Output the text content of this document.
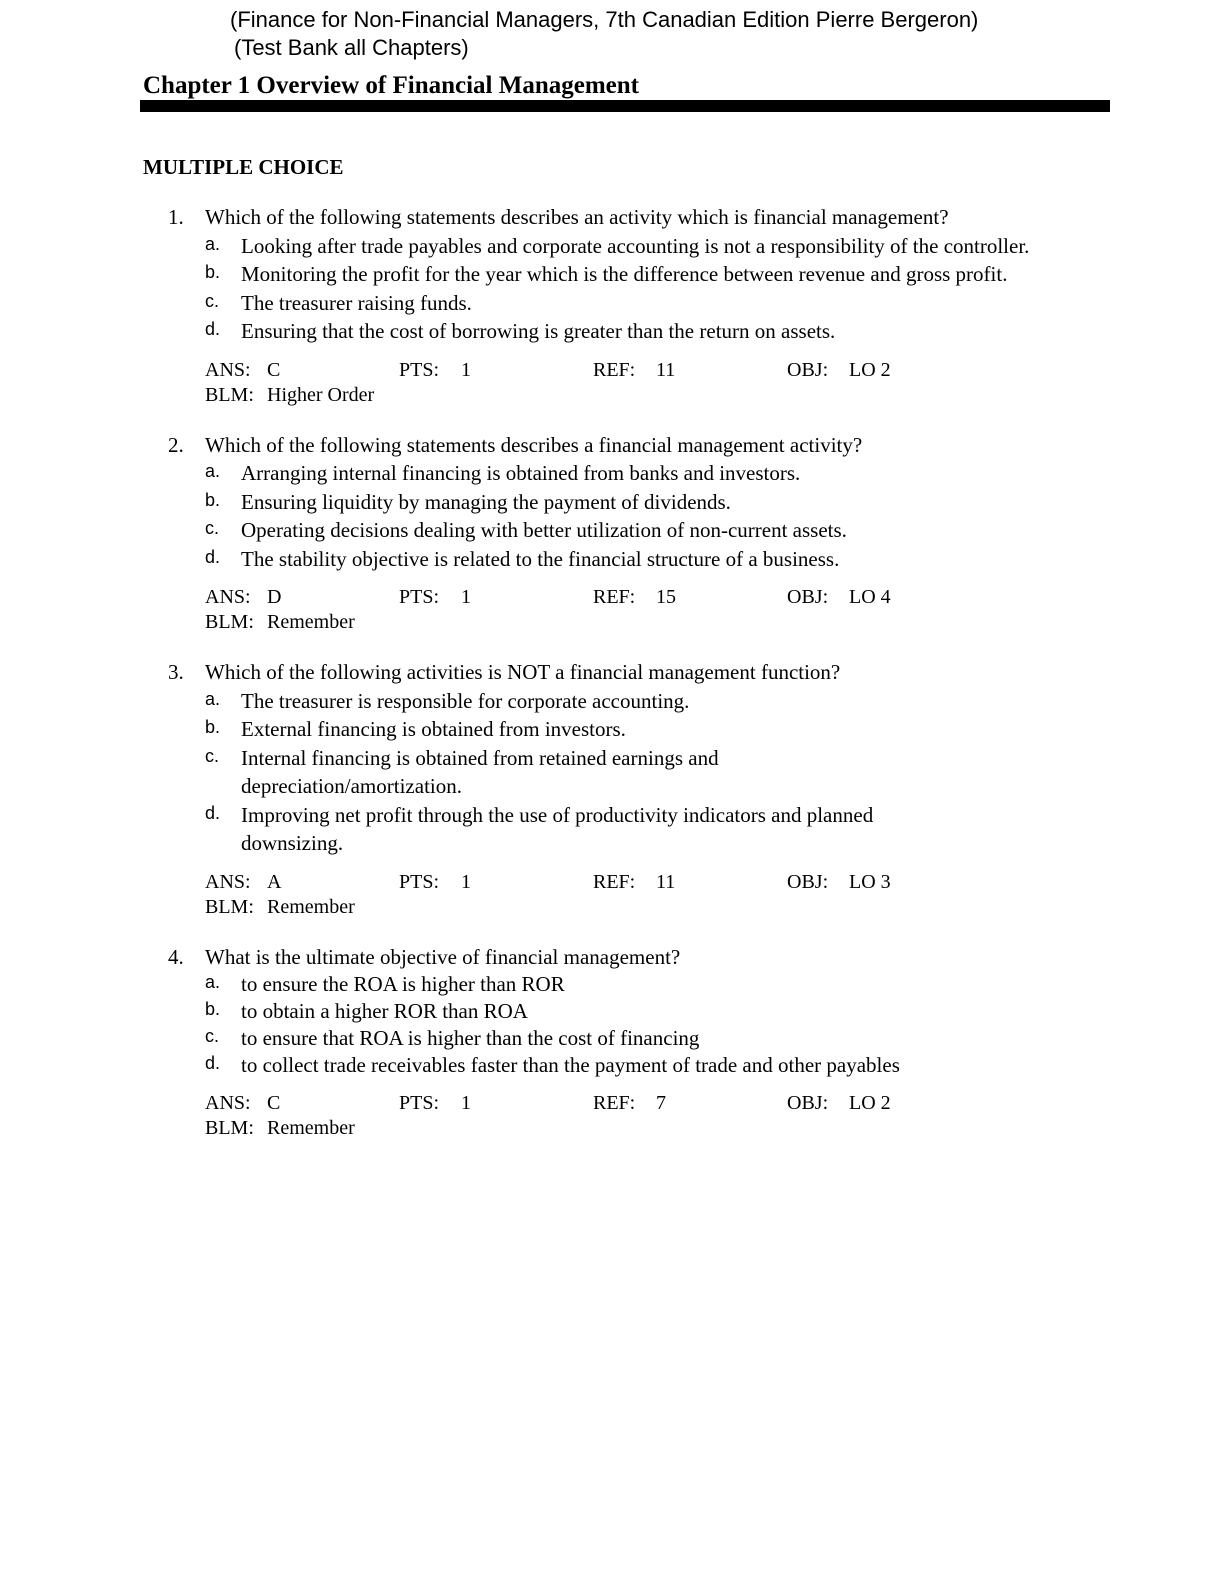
(Finance for Non-Financial Managers, 7th Canadian Edition Pierre Bergeron)
(Test Bank all Chapters)
Chapter 1 Overview of Financial Management
MULTIPLE CHOICE
1. Which of the following statements describes an activity which is financial management?
a. Looking after trade payables and corporate accounting is not a responsibility of the controller.
b. Monitoring the profit for the year which is the difference between revenue and gross profit.
c. The treasurer raising funds.
d. Ensuring that the cost of borrowing is greater than the return on assets.
ANS: C	PTS: 1	REF: 11	OBJ: LO 2
BLM: Higher Order
2. Which of the following statements describes a financial management activity?
a. Arranging internal financing is obtained from banks and investors.
b. Ensuring liquidity by managing the payment of dividends.
c. Operating decisions dealing with better utilization of non-current assets.
d. The stability objective is related to the financial structure of a business.
ANS: D	PTS: 1	REF: 15	OBJ: LO 4
BLM: Remember
3. Which of the following activities is NOT a financial management function?
a. The treasurer is responsible for corporate accounting.
b. External financing is obtained from investors.
c. Internal financing is obtained from retained earnings and depreciation/amortization.
d. Improving net profit through the use of productivity indicators and planned downsizing.
ANS: A	PTS: 1	REF: 11	OBJ: LO 3
BLM: Remember
4. What is the ultimate objective of financial management?
a. to ensure the ROA is higher than ROR
b. to obtain a higher ROR than ROA
c. to ensure that ROA is higher than the cost of financing
d. to collect trade receivables faster than the payment of trade and other payables
ANS: C	PTS: 1	REF: 7	OBJ: LO 2
BLM: Remember
